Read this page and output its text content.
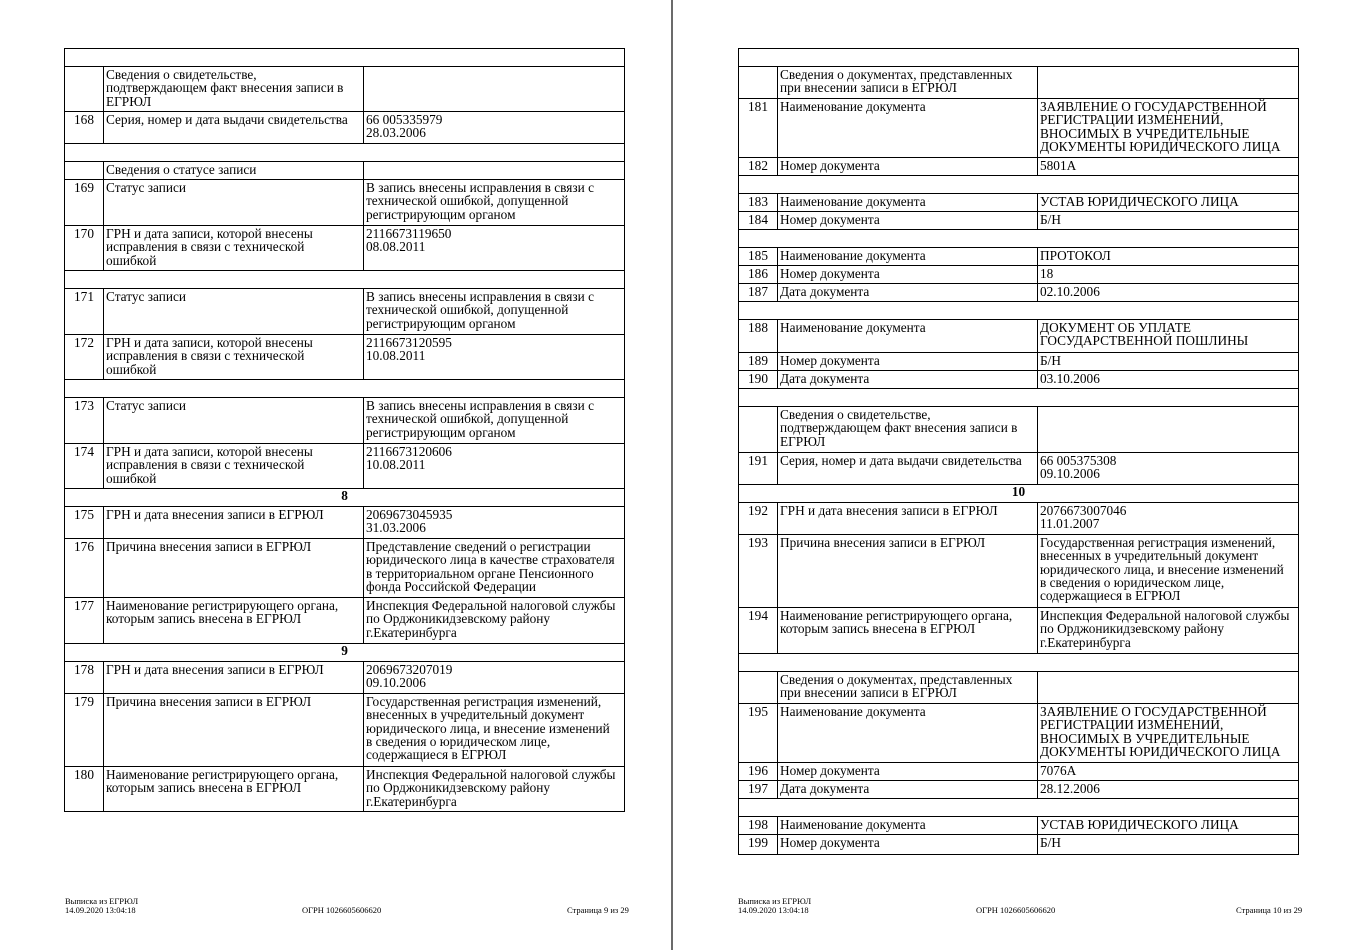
	Сведения о свидетельстве,
подтверждающем факт внесения записи в
ЕГРЮЛ	
168	Серия, номер и дата выдачи свидетельства	66 005335979
28.03.2006

	Сведения о статусе записи	
169	Статус записи	В запись внесены исправления в связи с
технической ошибкой, допущенной
регистрирующим органом
170	ГРН и дата записи, которой внесены
исправления в связи с технической
ошибкой	2116673119650
08.08.2011

171	Статус записи	В запись внесены исправления в связи с
технической ошибкой, допущенной
регистрирующим органом
172	ГРН и дата записи, которой внесены
исправления в связи с технической
ошибкой	2116673120595
10.08.2011

173	Статус записи	В запись внесены исправления в связи с
технической ошибкой, допущенной
регистрирующим органом
174	ГРН и дата записи, которой внесены
исправления в связи с технической
ошибкой	2116673120606
10.08.2011
8		
175	ГРН и дата внесения записи в ЕГРЮЛ	2069673045935
31.03.2006
176	Причина внесения записи в ЕГРЮЛ	Представление сведений о регистрации
юридического лица в качестве страхователя
в территориальном органе Пенсионного
фонда Российской Федерации
177	Наименование регистрирующего органа,
которым запись внесена в ЕГРЮЛ	Инспекция Федеральной налоговой службы
по Орджоникидзевскому району
г.Екатеринбурга
9		
178	ГРН и дата внесения записи в ЕГРЮЛ	2069673207019
09.10.2006
179	Причина внесения записи в ЕГРЮЛ	Государственная регистрация изменений,
внесенных в учредительный документ
юридического лица, и внесение изменений
в сведения о юридическом лице,
содержащиеся в ЕГРЮЛ
180	Наименование регистрирующего органа,
которым запись внесена в ЕГРЮЛ	Инспекция Федеральной налоговой службы
по Орджоникидзевскому району
г.Екатеринбурга
Выписка из ЕГРЮЛ
14.09.2020 13:04:18	ОГРН 1026605606620	Страница 9 из 29

	Сведения о документах, представленных
при внесении записи в ЕГРЮЛ	
181	Наименование документа	ЗАЯВЛЕНИЕ О ГОСУДАРСТВЕННОЙ
РЕГИСТРАЦИИ ИЗМЕНЕНИЙ,
ВНОСИМЫХ В УЧРЕДИТЕЛЬНЫЕ
ДОКУМЕНТЫ ЮРИДИЧЕСКОГО ЛИЦА
182	Номер документа	5801А

183	Наименование документа	УСТАВ ЮРИДИЧЕСКОГО ЛИЦА
184	Номер документа	Б/Н

185	Наименование документа	ПРОТОКОЛ
186	Номер документа	18
187	Дата документа	02.10.2006

188	Наименование документа	ДОКУМЕНТ ОБ УПЛАТЕ
ГОСУДАРСТВЕННОЙ ПОШЛИНЫ
189	Номер документа	Б/Н
190	Дата документа	03.10.2006

	Сведения о свидетельстве,
подтверждающем факт внесения записи в
ЕГРЮЛ	
191	Серия, номер и дата выдачи свидетельства	66 005375308
09.10.2006
10		
192	ГРН и дата внесения записи в ЕГРЮЛ	2076673007046
11.01.2007
193	Причина внесения записи в ЕГРЮЛ	Государственная регистрация изменений,
внесенных в учредительный документ
юридического лица, и внесение изменений
в сведения о юридическом лице,
содержащиеся в ЕГРЮЛ
194	Наименование регистрирующего органа,
которым запись внесена в ЕГРЮЛ	Инспекция Федеральной налоговой службы
по Орджоникидзевскому району
г.Екатеринбурга

	Сведения о документах, представленных
при внесении записи в ЕГРЮЛ	
195	Наименование документа	ЗАЯВЛЕНИЕ О ГОСУДАРСТВЕННОЙ
РЕГИСТРАЦИИ ИЗМЕНЕНИЙ,
ВНОСИМЫХ В УЧРЕДИТЕЛЬНЫЕ
ДОКУМЕНТЫ ЮРИДИЧЕСКОГО ЛИЦА
196	Номер документа	7076А
197	Дата документа	28.12.2006

198	Наименование документа	УСТАВ ЮРИДИЧЕСКОГО ЛИЦА
199	Номер документа	Б/Н
Выписка из ЕГРЮЛ
14.09.2020 13:04:18	ОГРН 1026605606620	Страница 10 из 29
